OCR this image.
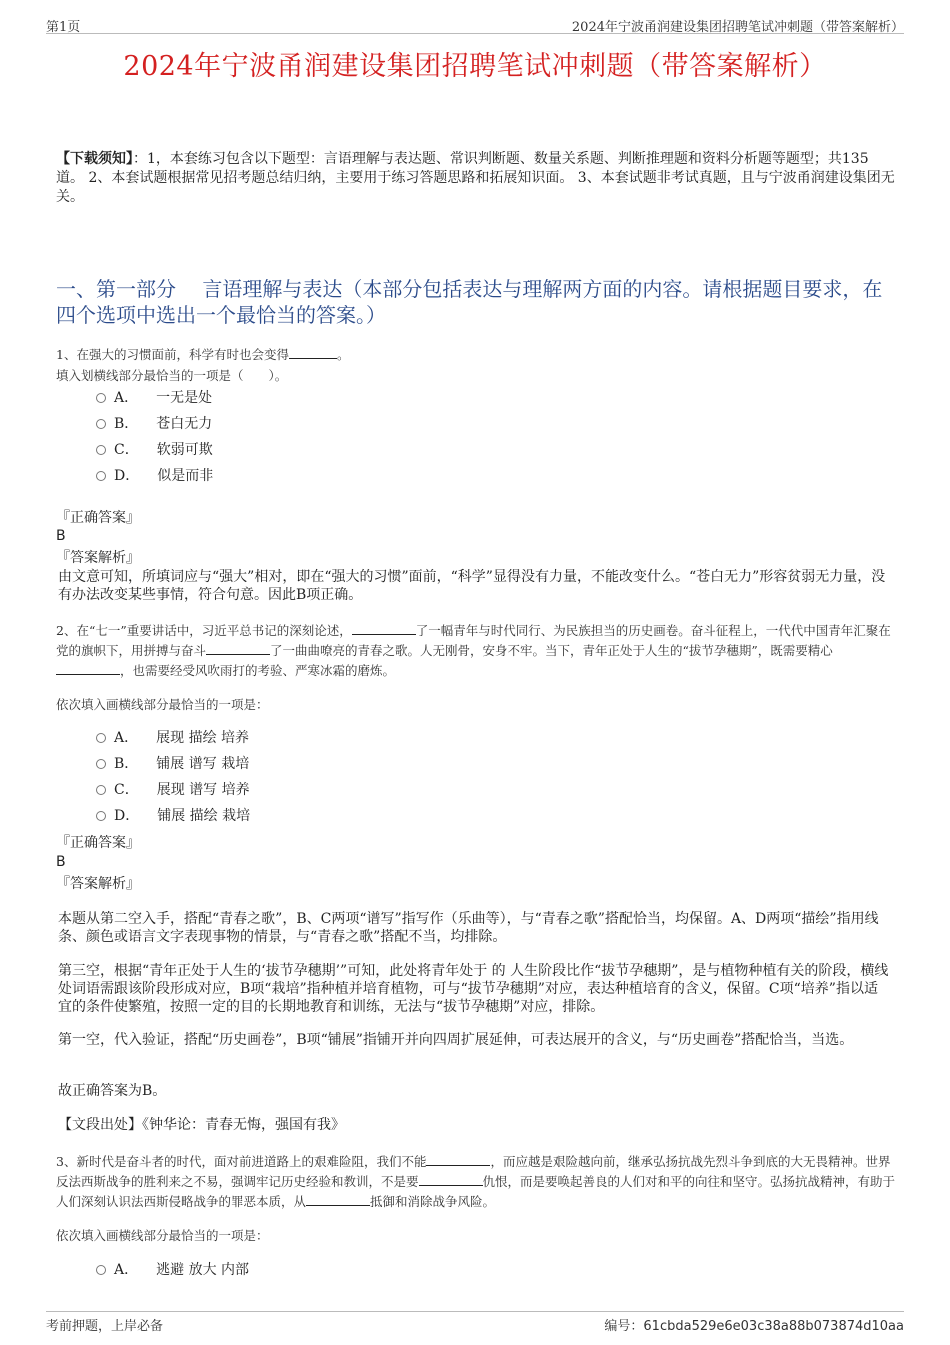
第1页	2024年宁波甬润建设集团招聘笔试冲刺题（带答案解析）
2024年宁波甬润建设集团招聘笔试冲刺题（带答案解析）
【下载须知】：1，本套练习包含以下题型：言语理解与表达题、常识判断题、数量关系题、判断推理题和资料分析题等题型；共135道。 2、本套试题根据常见招考题总结归纳，主要用于练习答题思路和拓展知识面。 3、本套试题非考试真题，且与宁波甬润建设集团无关。
一、第一部分　 言语理解与表达（本部分包括表达与理解两方面的内容。请根据题目要求，在四个选项中选出一个最恰当的答案。）
1、在强大的习惯面前，科学有时也会变得	。
填入划横线部分最恰当的一项是（　　）。
A． 一无是处
B． 苍白无力
C． 软弱可欺
D． 似是而非
『正确答案』
B
『答案解析』
由文意可知，所填词应与“强大”相对，即在“强大的习惯”面前，“科学”显得没有力量，不能改变什么。“苍白无力”形容贫弱无力量，没有办法改变某些事情，符合句意。因此B项正确。
2、在“七一”重要讲话中，习近平总书记的深刻论述，	了一幅青年与时代同行、为民族担当的历史画卷。奋斗征程上，一代代中国青年汇聚在党的旗帜下，用拼搏与奋斗	了一曲曲嘹亮的青春之歌。人无刚骨，安身不牢。当下，青年正处于人生的“拔节孕穗期”，既需要精心，也需要经受风吹雨打的考验、严寒冰霜的磨炼。
依次填入画横线部分最恰当的一项是：
A． 展现 描绘 培养
B． 铺展 谱写 栽培
C． 展现 谱写 培养
D． 铺展 描绘 栽培
『正确答案』
B
『答案解析』
本题从第二空入手，搭配“青春之歌”，B、C两项“谱写”指写作（乐曲等），与“青春之歌”搭配恰当，均保留。A、D两项“描绘”指用线条、颜色或语言文字表现事物的情景，与“青春之歌”搭配不当，均排除。
第三空，根据“青年正处于人生的‘拔节孕穗期’”可知，此处将青年处于 的 人生阶段比作“拔节孕穗期”，是与植物种植有关的阶段，横线处词语需跟该阶段形成对应，B项“栽培”指种植并培育植物，可与“拔节孕穗期”对应，表达种植培育的含义，保留。C项“培养”指以适宜的条件使繁殖，按照一定的目的长期地教育和训练，无法与“拔节孕穗期”对应，排除。
第一空，代入验证，搭配“历史画卷”，B项“铺展”指铺开并向四周扩展延伸，可表达展开的含义，与“历史画卷”搭配恰当，当选。
故正确答案为B。
【文段出处】《钟华论：青春无悔，强国有我》
3、新时代是奋斗者的时代，面对前进道路上的艰难险阻，我们不能	，而应越是艰险越向前，继承弘扬抗战先烈斗争到底的大无畏精神。世界反法西斯战争的胜利来之不易，强调牢记历史经验和教训，不是要	仇恨，而是要唤起善良的人们对和平的向往和坚守。弘扬抗战精神，有助于人们深刻认识法西斯侵略战争的罪恶本质，从	抵御和消除战争风险。
依次填入画横线部分最恰当的一项是：
A． 逃避 放大 内部
考前押题，上岸必备	编号：61cbda529e6e03c38a88b073874d10aa
